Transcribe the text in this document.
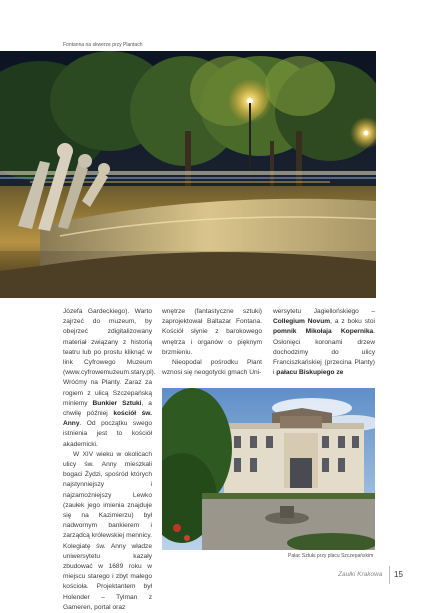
Fontanna na skwerze przy Plantach

Józefa Gardeckiego). Warto zajrzeć do muzeum, by obejrzeć zdigitalizowany materiał związany z historią teatru lub po prostu kliknąć w link Cyfrowego Muzeum (www.cyfrowemuzeum.stary.pl). Wróćmy na Planty. Zaraz za rogiem z ulicą Szczepańską miniemy Bunkier Sztuki, a chwilę później kościół św. Anny. Od początku swego istnienia jest to kościół akademicki.

W XIV wieku w okolicach ulicy św. Anny mieszkali bogaci Żydzi, spośród których najstynniejszy i najzamożniejszy Lewko (zaułek jego imienia znajduje się na Kazimierzu) był nadwornym bankierem i zarządcą królewskiej mennicy. Kolegiatę św. Anny władze uniwersytetu kazały zbudować w 1689 roku w miejscu starego i zbyt małego kościoła. Projektantem był Holender – Tylman z Gameren, portal oraz

wnętrze (fantastyczne sztuki) zaprojektował Baltazar Fontana. Kościół słynie z barokowego wnętrza i organów o pięknym brzmieniu.

Nieopodal pośrodku Plant wznosi się neogotycki gmach Uni-

wersytetu Jagiellońskiego – Collegium Novum, a z boku stoi pomnik Mikołaja Kopernika. Osłonięci koronami drzew dochodzimy do ulicy Franciszkańskiej (przecina Planty) i pałacu Biskupiego ze

Pałac Sztuki przy placu Szczepańskim
Zaułki Krakowa 15
